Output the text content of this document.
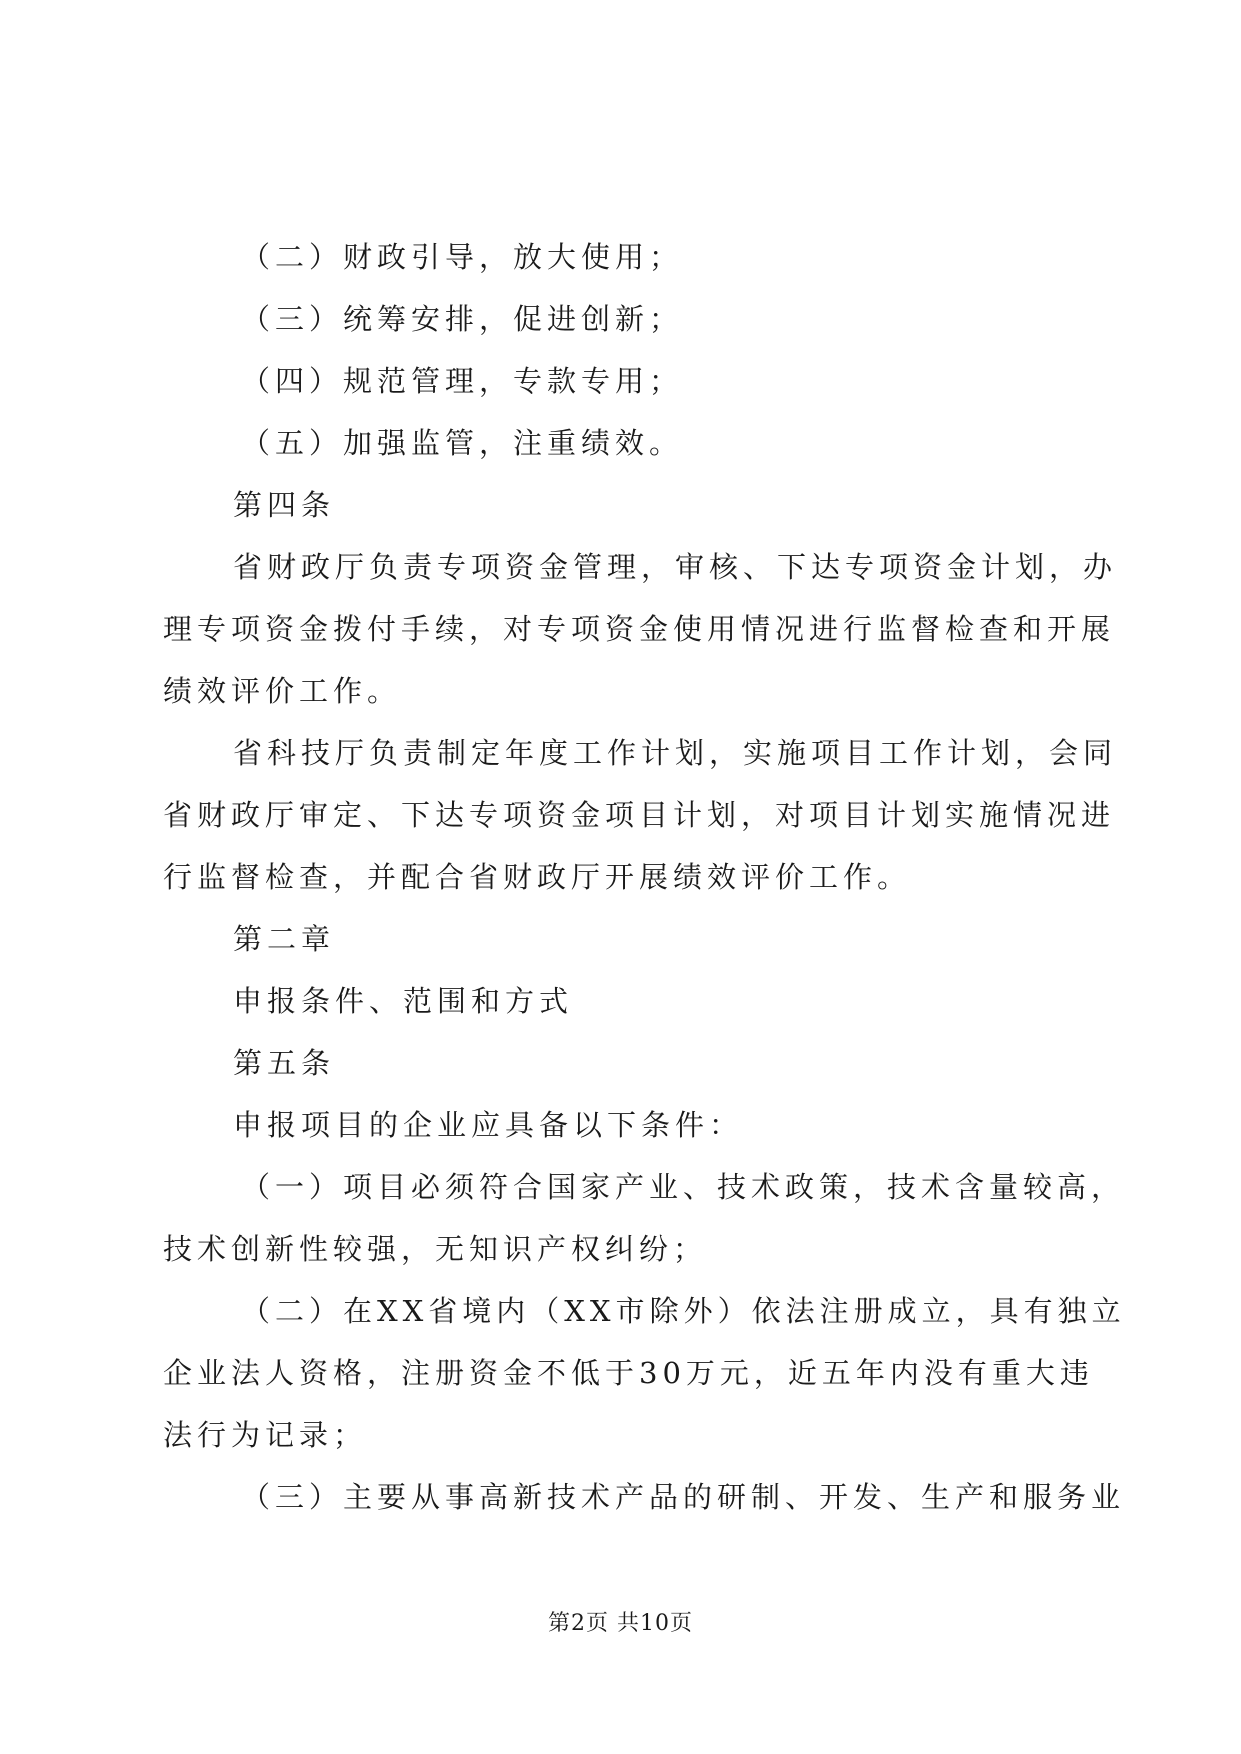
（二）财政引导，放大使用；
（三）统筹安排，促进创新；
（四）规范管理，专款专用；
（五）加强监管，注重绩效。
第四条
省财政厅负责专项资金管理，审核、下达专项资金计划，办
理专项资金拨付手续，对专项资金使用情况进行监督检查和开展
绩效评价工作。
省科技厅负责制定年度工作计划，实施项目工作计划，会同
省财政厅审定、下达专项资金项目计划，对项目计划实施情况进
行监督检查，并配合省财政厅开展绩效评价工作。
第二章
申报条件、范围和方式
第五条
申报项目的企业应具备以下条件：
（一）项目必须符合国家产业、技术政策，技术含量较高，
技术创新性较强，无知识产权纠纷；
（二）在XX省境内（XX市除外）依法注册成立，具有独立
企业法人资格，注册资金不低于30万元，近五年内没有重大违
法行为记录；
（三）主要从事高新技术产品的研制、开发、生产和服务业
第2页 共10页
